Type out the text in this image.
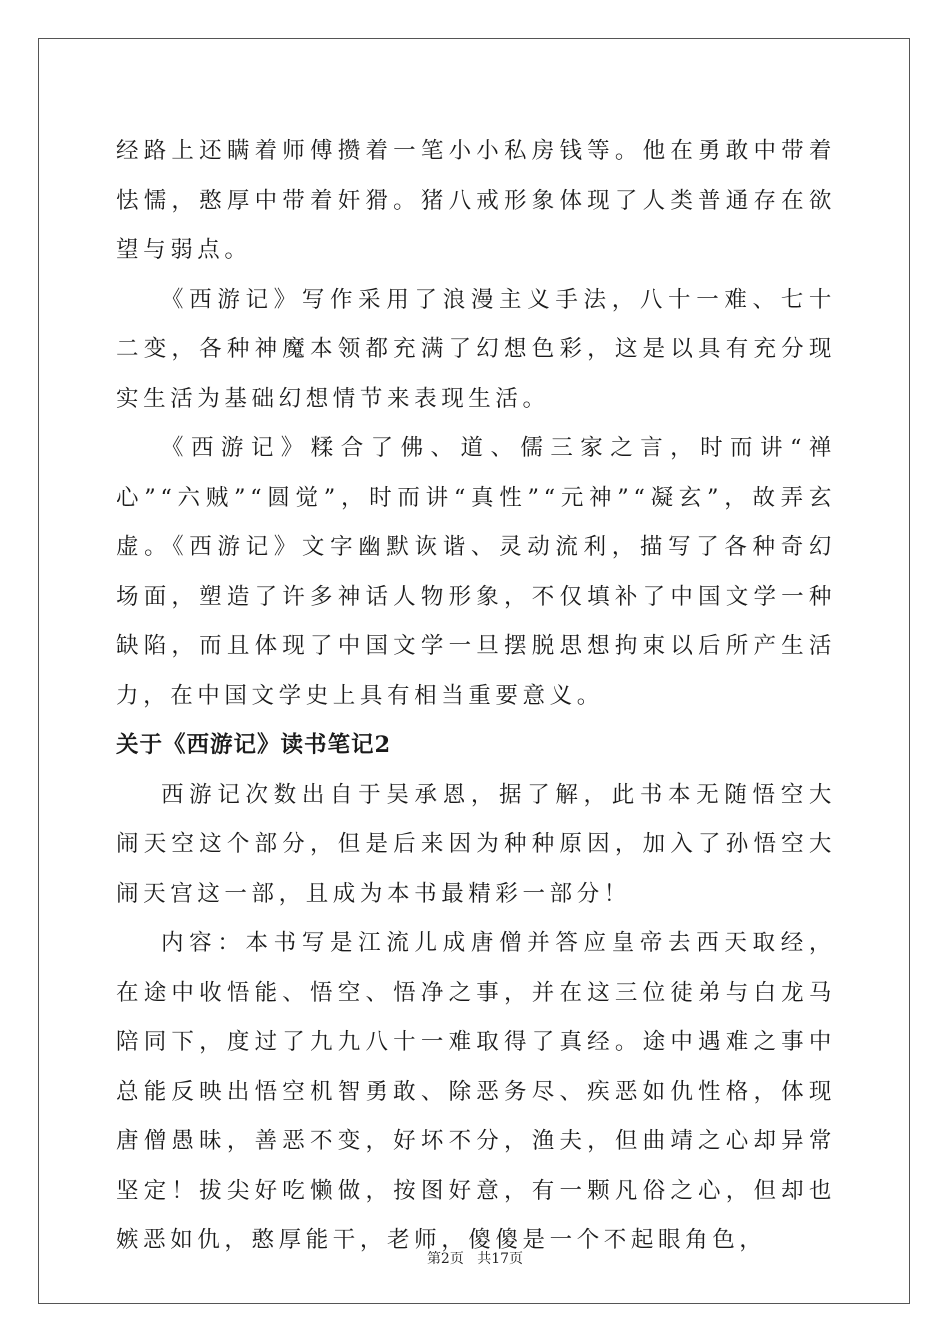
经路上还瞒着师傅攒着一笔小小私房钱等。他在勇敢中带着怯懦，憨厚中带着奸猾。猪八戒形象体现了人类普通存在欲望与弱点。

《西游记》写作采用了浪漫主义手法，八十一难、七十二变，各种神魔本领都充满了幻想色彩，这是以具有充分现实生活为基础幻想情节来表现生活。

《西游记》糅合了佛、道、儒三家之言，时而讲“禅心”“六贼”“圆觉”，时而讲“真性”“元神”“凝玄”，故弄玄虚。《西游记》文字幽默诙谐、灵动流利，描写了各种奇幻场面，塑造了许多神话人物形象，不仅填补了中国文学一种缺陷，而且体现了中国文学一旦摆脱思想拘束以后所产生活力，在中国文学史上具有相当重要意义。

关于《西游记》读书笔记2

西游记次数出自于吴承恩，据了解，此书本无随悟空大闹天空这个部分，但是后来因为种种原因，加入了孙悟空大闹天宫这一部，且成为本书最精彩一部分！

内容：本书写是江流儿成唐僧并答应皇帝去西天取经，在途中收悟能、悟空、悟净之事，并在这三位徒弟与白龙马陪同下，度过了九九八十一难取得了真经。途中遇难之事中总能反映出悟空机智勇敢、除恶务尽、疾恶如仇性格，体现唐僧愚昧，善恶不变，好坏不分，渔夫，但曲靖之心却异常坚定！拔尖好吃懒做，按图好意，有一颗凡俗之心，但却也嫉恶如仇，憨厚能干，老师，傻傻是一个不起眼角色，

第2页 共17页
